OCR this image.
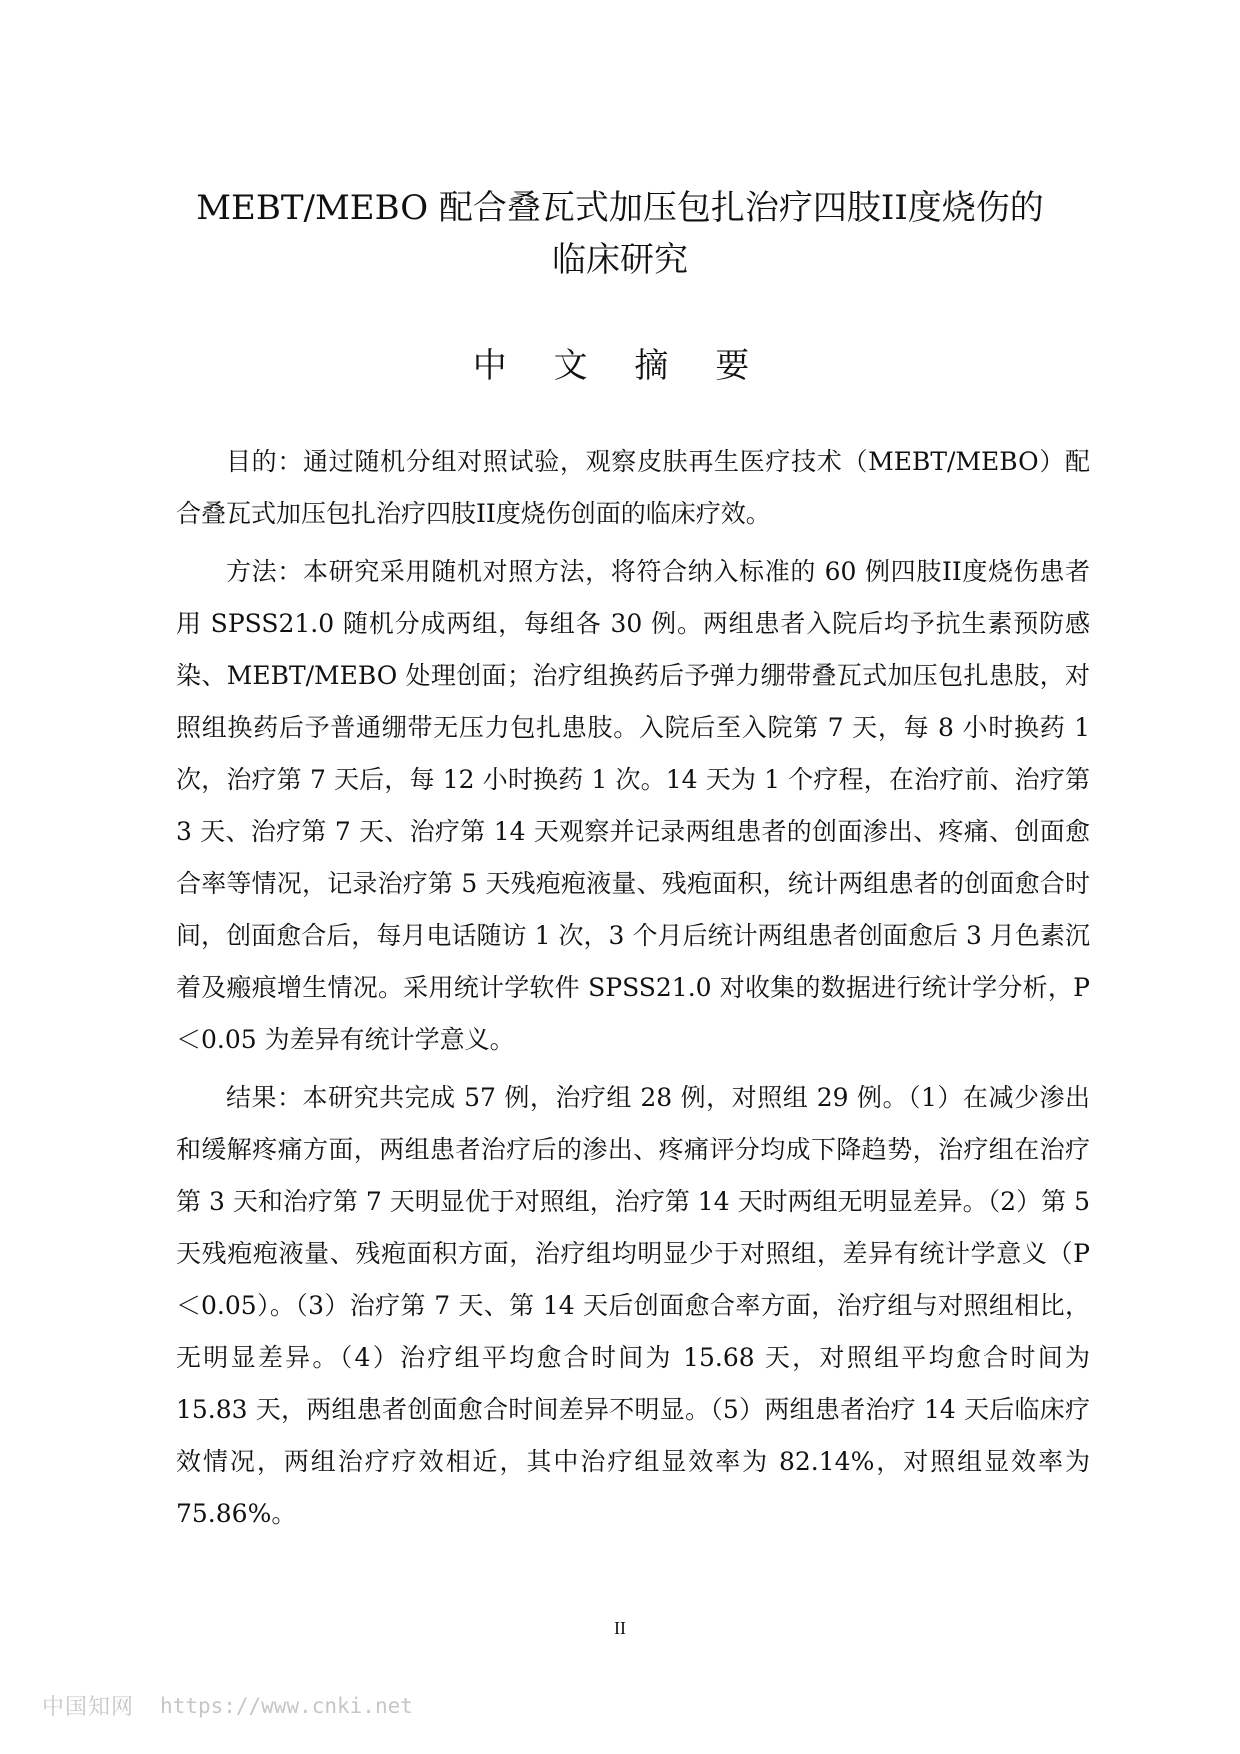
MEBT/MEBO 配合叠瓦式加压包扎治疗四肢II度烧伤的
临床研究
中 文 摘 要

目的：通过随机分组对照试验，观察皮肤再生医疗技术（MEBT/MEBO）配合叠瓦式加压包扎治疗四肢II度烧伤创面的临床疗效。

方法：本研究采用随机对照方法，将符合纳入标准的 60 例四肢II度烧伤患者用 SPSS21.0 随机分成两组，每组各 30 例。两组患者入院后均予抗生素预防感染、MEBT/MEBO 处理创面；治疗组换药后予弹力绷带叠瓦式加压包扎患肢，对照组换药后予普通绷带无压力包扎患肢。入院后至入院第 7 天，每 8 小时换药 1 次，治疗第 7 天后，每 12 小时换药 1 次。14 天为 1 个疗程，在治疗前、治疗第 3 天、治疗第 7 天、治疗第 14 天观察并记录两组患者的创面渗出、疼痛、创面愈合率等情况，记录治疗第 5 天残疱疱液量、残疱面积，统计两组患者的创面愈合时间，创面愈合后，每月电话随访 1 次，3 个月后统计两组患者创面愈后 3 月色素沉着及瘢痕增生情况。采用统计学软件 SPSS21.0 对收集的数据进行统计学分析，P＜0.05 为差异有统计学意义。

结果：本研究共完成 57 例，治疗组 28 例，对照组 29 例。（1）在减少渗出和缓解疼痛方面，两组患者治疗后的渗出、疼痛评分均成下降趋势，治疗组在治疗第 3 天和治疗第 7 天明显优于对照组，治疗第 14 天时两组无明显差异。（2）第 5 天残疱疱液量、残疱面积方面，治疗组均明显少于对照组，差异有统计学意义（P＜0.05）。（3）治疗第 7 天、第 14 天后创面愈合率方面，治疗组与对照组相比，无明显差异。（4）治疗组平均愈合时间为 15.68 天，对照组平均愈合时间为 15.83 天，两组患者创面愈合时间差异不明显。（5）两组患者治疗 14 天后临床疗效情况，两组治疗疗效相近，其中治疗组显效率为 82.14%，对照组显效率为 75.86%。

II
中国知网 https://www.cnki.net
